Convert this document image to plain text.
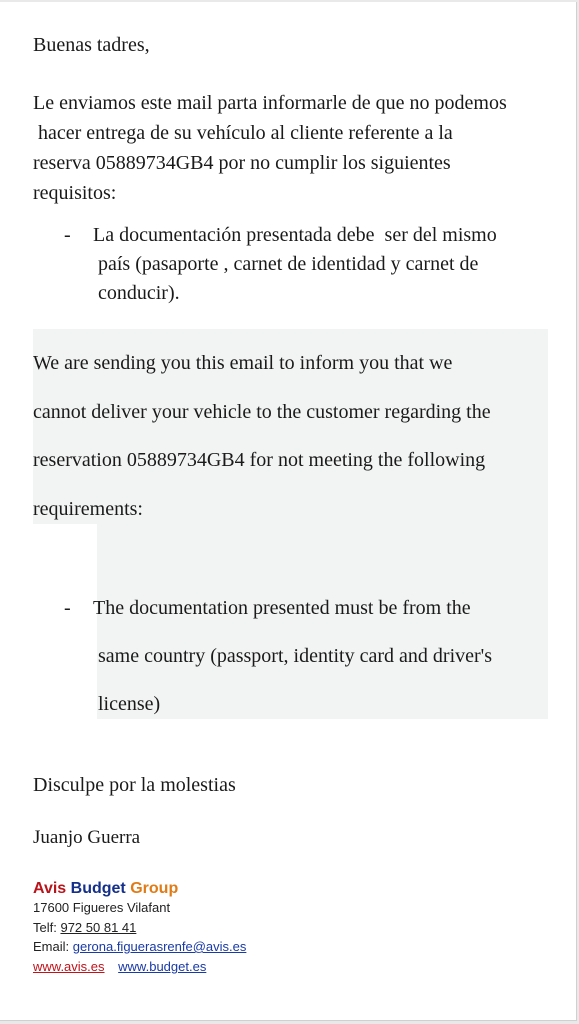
Buenas tadres,

Le enviamos este mail parta informarle de que no podemos
hacer entrega de su vehículo al cliente referente a la
reserva 05889734GB4 por no cumplir los siguientes
requisitos:
- La documentación presentada debe  ser del mismo
país (pasaporte , carnet de identidad y carnet de
conducir).
We are sending you this email to inform you that we
cannot deliver your vehicle to the customer regarding the
reservation 05889734GB4 for not meeting the following
requirements:
- The documentation presented must be from the
same country (passport, identity card and driver's
license)

Disculpe por la molestias

Juanjo Guerra

Avis Budget Group
17600 Figueres Vilafant
Telf: 972 50 81 41
Email: gerona.figuerasrenfe@avis.es
www.avis.es www.budget.es
